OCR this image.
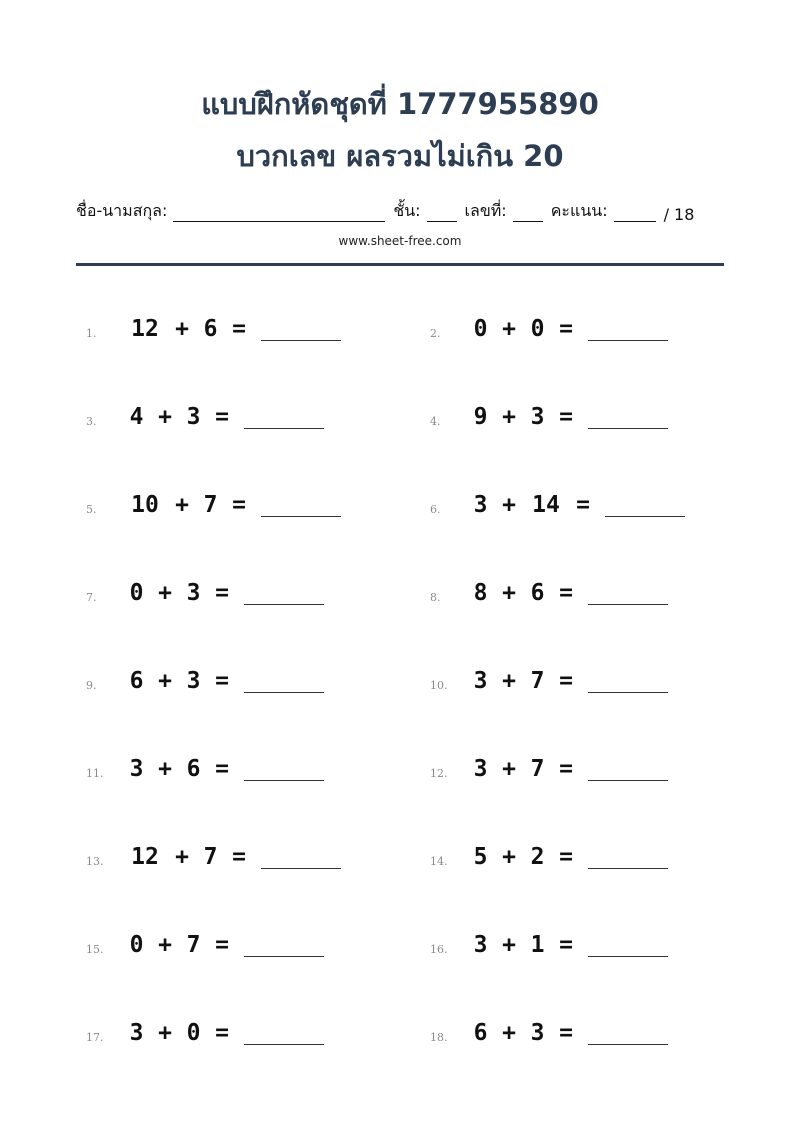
แบบฝึกหัดชุดที่ 1777955890
บวกเลข ผลรวมไม่เกิน 20
ชื่อ-นามสกุล:	ชั้น:	เลขที่:	คะแนน:	/ 18
www.sheet-free.com
1.	12 + 6 =	2.	0 + 0 =
3.	4 + 3 =	4.	9 + 3 =
5.	10 + 7 =	6.	3 + 14 =
7.	0 + 3 =	8.	8 + 6 =
9.	6 + 3 =	10.	3 + 7 =
11.	3 + 6 =	12.	3 + 7 =
13.	12 + 7 =	14.	5 + 2 =
15.	0 + 7 =	16.	3 + 1 =
17.	3 + 0 =	18.	6 + 3 =
